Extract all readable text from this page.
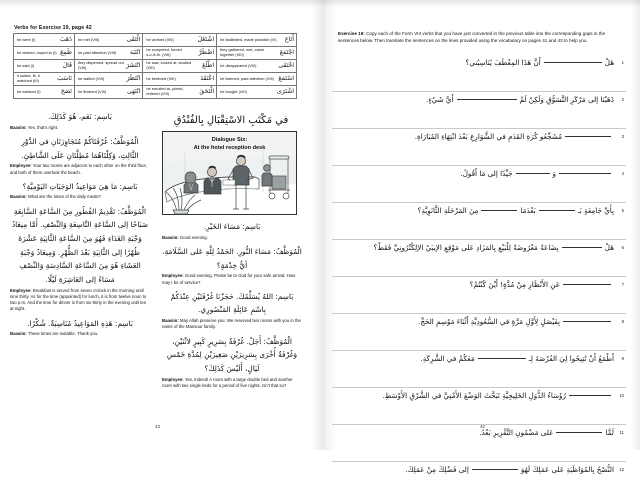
Verbs for Exercise 19, page 42
he went (I) ذَهَبَ	he met (VIII) الْتَقَى	he worked (VIII) اشْتَغَلَ	he facilitated, made possible (IV) أَتَاحَ

he wished, hoped to (I) طَمِعَ	he paid attention (VIII) انْتَبَهَ	he competed, forced s.o./s.th. (VIII) اضْطَرَّ	they gathered, met, came together (VIII) اجْتَمَعَ

he said (I) قَالَ	they dispersed, spread out (VIII) انْتَشَرَ	he saw, looked at, studied (VIII) اطَّلَعَ	he disappeared (VIII) اخْتَفَى

it suited, fit, it matched (III) نَاسَبَ	he waited (VIII) انْتَظَرَ	he believed (VIII) اعْتَقَدَ	he listened, paid attention (VIII) اسْتَمَعَ

he advised (I) نَصَحَ	he finished (VIII) انْتَهَى	he enrolled at, joined, entered (VIII) الْتَحَقَ	he bought (VIII) اشْتَرَى
في مَكْتَبِ الاسْتِقْبَالِ بِالفُنْدُقِ
Dialogue Six:
At the hotel reception desk
بَاسِم: نَعَم، هُوَ كَذَلِكَ.
Baasim: Yes, that's right.
الْمُوَظَّفُ: غُرْفَتَاكُمْ مُتَجَاوِرَتَانِ في الدَّوْرِ الثَّالِثِ، وَكِلْتَاهُمَا مُطِلَّتَانِ عَلَى الشَّاطِئِ.
Employee: Your two rooms are adjacent to each other on the third floor, and both of them overlook the beach.
بَاسِم: مَا هِيَ مَوَاعِيدُ الوَجَبَاتِ اليَوْمِيَّةِ؟
Baasim: What are the times of the daily meals?
الْمُوَظَّفُ: تَقْدِيمُ الفُطُورِ مِنَ السَّاعَةِ السَّابِعَةِ صَبَاحًا إلى السَّاعَةِ التَّاسِعَةِ وَالنِّصْفِ. أَمَّا مِيعَادُ وَجْبَةِ الغَدَاءِ فَهُوَ مِنَ السَّاعَةِ الثَّانِيَةِ عَشْرَةَ ظُهْرًا إلى الثَّانِيَةِ بَعْدَ الظُّهْرِ. وَمِيعَادُ وَجْبَةِ العَشَاءِ هُوَ مِنَ السَّاعَةِ السَّادِسَةِ وَالنِّصْفِ مَسَاءً إلى العَاشِرَةِ لَيْلًا.
Employee: Breakfast is served from seven o'clock in the morning until nine thirty. As for the time (appointed) for lunch, it is from twelve noon to two p.m. And the time for dinner is from six-thirty in the evening until ten at night.
بَاسِم: هَذِهِ المَوَاعِيدُ مُنَاسِبَةٌ. شُكْرًا.
Baasim: These times are suitable. Thank you.
بَاسِم: مَسَاءَ الخَيْرِ.
Baasim: Good evening.
الْمُوَظَّفُ: مَسَاءَ النُّورِ. الحَمْدُ لِلَّهِ عَلى السَّلَامَةِ. أيُّ خِدْمَةٍ؟
Employee: Good evening. Praise be to God for your safe arrival. How may I be of service?
بَاسِم: اللهُ يُسَلِّمُكَ. حَجَزْنَا غُرْفَتَيْنِ عِنْدَكُمْ بِاسْمِ عَائِلَةِ المَنْصُورِي.
Baasim: May Allah preserve you. We reserved two rooms with you in the name of the Mansour family.
الْمُوَظَّفُ: أَجَلْ. غُرْفَةٌ بِسَرِيرٍ كَبِيرٍ لاثْنَيْنِ، وَغُرْفَةٌ أُخْرَى بِسَرِيرَيْنِ صَغِيرَيْنِ لِمُدَّةِ خَمْسِ لَيَالٍ، أَلَيْسَ كَذَلِكَ؟
Employee: Yes, indeed! A room with a large double bed and another room with two single beds for a period of five nights. Isn't that so?
43
Exercise 19: Copy each of the Form VIII verbs that you have just converted in the previous table into the corresponding gaps in the sentences below. Then translate the sentences on the lines provided using the vocabulary on pages 41 and 43 to help you.
1
هَلْأَنَّ هَذَا المِعْطَفَ يُنَاسِبُني؟
2
ذَهَبْنَا إلى مَرْكَزِ التَّسَوُّقِ وَلَكِنْ لَمْأَيَّ شَيْءٍ.
3
مُشَجِّعُو كُرَةِ القَدَمِ في الشَّوَارِعِ بَعْدَ انْتِهَاءِ المُبَارَاةِ.
4
وَجَيِّدًا إلى مَا أَقُولُ.
5
بِأَيِّ جَامِعَةٍ بَـبَعْدَمَامِنَ المَرْحَلَةِ الثَّانَوِيَّةِ؟
6
هَلْبِضَاعَةٌ مَعْرُوضَةٌ لِلْبَيْعِ بِالمَزَادِ عَلى مَوْقِعِ الإيبَيْ الإلِكْتْرُونِيِّ فَقَطْ؟
7
عَنِ الأَنْظَارِ مِنْ مُدَّةٍ! أَيْنَ كُنْتُمْ؟
8
بِفَيْصَلٍ لِأَوَّلِ مَرَّةٍ في السُّعُودِيَّةِ أَثْنَاءَ مَوْسِمِ الحَجِّ.
9
أَطْمَعُ أَنْ تُتِيحُوا لِيَ الفُرْصَةَ لِـمَعَكُمْ في الشَّرِكَةِ.
10
رُؤَسَاءُ الدُّوَلِ الخَلِيجِيَّةِ تَبَحَّثَ الوَضْعَ الأَمْنِيَّ في الشَّرْقِ الأَوْسَطِ.
11
لَمَّاعَلى مَضْمُونِ التَّقْرِيرِ بَعْدُ.
12
النُّصْحُ بِالمُوَاظَبَةِ عَلى عَمَلِكَ لَهُوَإلى فَضْلِكَ مِنْ عَمَلِكَ.
42
